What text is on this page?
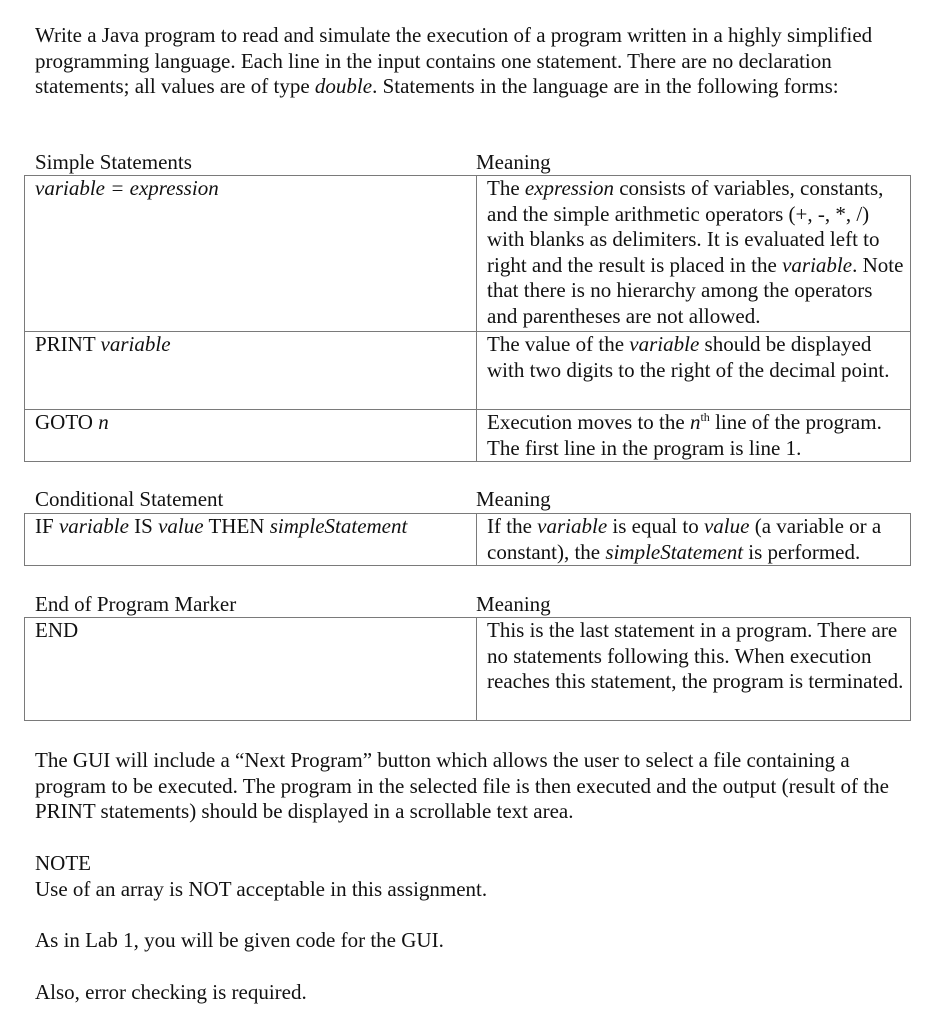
Write a Java program to read and simulate the execution of a program written in a highly simplified programming language. Each line in the input contains one statement. There are no declaration statements; all values are of type double. Statements in the language are in the following forms:

Simple Statements	Meaning

variable = expression	The expression consists of variables, constants, and the simple arithmetic operators (+, -, *, /) with blanks as delimiters. It is evaluated left to right and the result is placed in the variable. Note that there is no hierarchy among the operators and parentheses are not allowed.
PRINT variable	The value of the variable should be displayed with two digits to the right of the decimal point.
GOTO n	Execution moves to the $n^{th}$ line of the program. The first line in the program is line 1.

Conditional Statement	Meaning

IF variable IS value THEN simpleStatement	If the variable is equal to value (a variable or a constant), the simpleStatement is performed.

End of Program Marker	Meaning

END	This is the last statement in a program. There are no statements following this. When execution reaches this statement, the program is terminated.

The GUI will include a “Next Program” button which allows the user to select a file containing a program to be executed. The program in the selected file is then executed and the output (result of the PRINT statements) should be displayed in a scrollable text area.

NOTE

Use of an array is NOT acceptable in this assignment.

As in Lab 1, you will be given code for the GUI.

Also, error checking is required.
